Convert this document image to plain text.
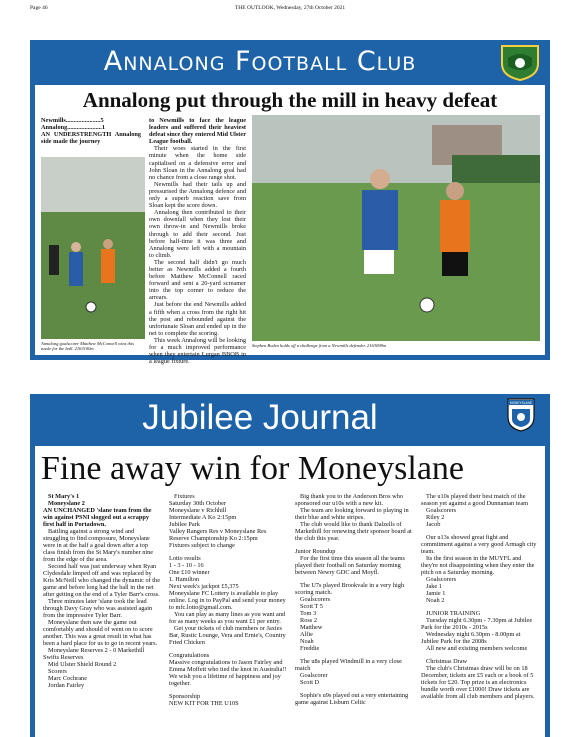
Page 46	THE OUTLOOK, Wednesday, 27th October 2021
Annalong Football Club
Annalong put through the mill in heavy defeat

Newmills......................5

Annalong......................1

AN UNDERSTRENGTH Annalong side made the journey

Annalong goalscorer Matthew McConnell wins this tussle for the ball. 2163100m

to Newmills to face the league leaders and suffered their heaviest defeat since they entered Mid Ulster League football.

Their woes started in the first minute when the home side capitalised on a defensive error and John Sloan in the Annalong goal had no chance from a close range shot.

Newmills had their tails up and pressurised the Annalong defence and only a superb reaction save from Sloan kept the score down.

Annalong then contributed to their own downfall when they lost their own throw-in and Newmills broke through to add their second. Just before half-time it was three and Annalong were left with a mountain to climb.

The second half didn't go much better as Newmills added a fourth before Matthew McConnell raced forward and sent a 20-yard screamer into the top corner to reduce the arrears.

Just before the end Newmills added a fifth when a cross from the right hit the post and rebounded against the unfortunate Sloan and ended up in the net to complete the scoring.

This week Annalong will be looking for a much improved performance when they entertain Lurgan BBOB in a league fixture.

Stephen Boden holds off a challenge from a Newmills defender. 2163098m
Jubilee Journal	MONEYSLANE
Fine away win for Moneyslane

St Mary's 1

Moneyslane 2

AN UNCHANGED 'slane team from the win against PSNI slogged out a scrappy first half in Portadown.

Battling against a strong wind and struggling to find composure, Moneyslane were in at the half a goal down after a top class finish from the St Mary's number nine from the edge of the area.

Second half was just underway when Ryan Clydesdale limped off and was replaced by Kris McNeill who changed the dynamic of the game and before long had the ball in the net after getting on the end of a Tyler Barr's cross.

Three minutes later 'slane took the lead through Davy Gray who was assisted again from the impressive Tyler Barr.

Moneyslane then saw the game out comfortably and should of went on to score another. This was a great result in what has been a hard place for us to go in recent years.

Moneyslane Reserves 2 - 0 Markethill Swifts Reserves

Mid Ulster Shield Round 2

Scorers

Marc Cochrane

Jordan Fairley

Fixtures

Saturday 30th October

Moneyslane v Richhill

Intermediate A Ko 2:15pm

Jubilee Park

Valley Rangers Res v Moneyslane Res

Reserve Championship Ko 2:15pm

Fixtures subject to change

Lotto results

1 - 3 - 10 - 16

One £10 winner

1. Hamilton

Next week's jackpot £5,375

Moneyslane FC Lottery is available to play online. Log in to PayPal and send your money to mfc.lotto@gmail.com.

You can play as many lines as you want and for as many weeks as you want £1 per entry.

Get your tickets of club members or Jaxies Bar, Rustic Lounge, Vera and Ernie's, Country Fried Chicken

Congratulations

Massive congratulations to Jason Fairley and Emma Moffett who tied the knot in Australia!! We wish you a lifetime of happiness and joy together.

Sponsorship

NEW KIT FOR THE U10S

Big thank you to the Anderson Bros who sponsored our u10s with a new kit.

The team are looking forward to playing in their blue and white stripes.

The club would like to thank Dalzells of Markethill for renewing their sponsor board at the club this year.

Junior Roundup

For the first time this season all the teams played their football on Saturday morning between Newry GDC and Moyfl.

The U7s played Brookvale in a very high scoring match.

Goalscorers

Scott T 5

Tom 3

Ross 2

Matthew

Alfie

Noah

Freddie

The u8s played Windmill in a very close match

Goalscorer

Scott D

Sophie's u9s played out a very entertaining game against Lisburn Celtic

The u10s played their best match of the season yet against a good Dunnaman team

Goalscorers

Riley 2

Jacob

Our u13s showed great fight and commitment against a very good Armagh city team.

Its the first season in the MUYFL and they're not disappointing when they enter the pitch on a Saturday morning.

Goalscorers

Jake 1

Jamie 1

Noah 2

JUNIOR TRAINING

Tuesday night 6.30pm - 7.30pm at Jubilee Park for the 2010s - 2015s

Wednesday night 6.30pm - 8.00pm at Jubilee Park for the 2008s

All new and existing members welcome

Christmas Draw

The club's Christmas draw will be on 18 December, tickets are £5 each or a book of 5 tickets for £20. Top prize is an electronics bundle worth over £1000! Draw tickets are available from all club members and players.
